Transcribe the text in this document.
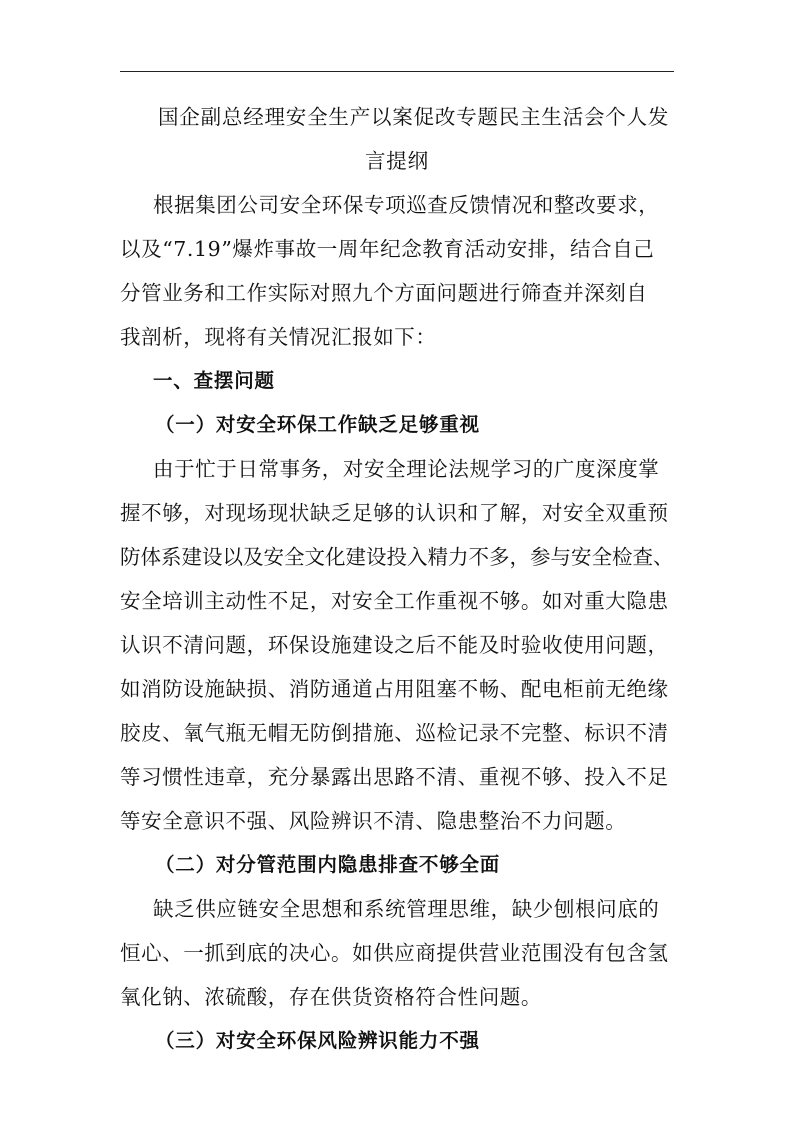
国企副总经理安全生产以案促改专题民主生活会个人发
言提纲
根据集团公司安全环保专项巡查反馈情况和整改要求，
以及“7.19”爆炸事故一周年纪念教育活动安排，结合自己
分管业务和工作实际对照九个方面问题进行筛查并深刻自
我剖析，现将有关情况汇报如下：
一、查摆问题
（一）对安全环保工作缺乏足够重视
由于忙于日常事务，对安全理论法规学习的广度深度掌
握不够，对现场现状缺乏足够的认识和了解，对安全双重预
防体系建设以及安全文化建设投入精力不多，参与安全检查、
安全培训主动性不足，对安全工作重视不够。如对重大隐患
认识不清问题，环保设施建设之后不能及时验收使用问题，
如消防设施缺损、消防通道占用阻塞不畅、配电柜前无绝缘
胶皮、氧气瓶无帽无防倒措施、巡检记录不完整、标识不清
等习惯性违章，充分暴露出思路不清、重视不够、投入不足
等安全意识不强、风险辨识不清、隐患整治不力问题。
（二）对分管范围内隐患排查不够全面
缺乏供应链安全思想和系统管理思维，缺少刨根问底的
恒心、一抓到底的决心。如供应商提供营业范围没有包含氢
氧化钠、浓硫酸，存在供货资格符合性问题。
（三）对安全环保风险辨识能力不强
